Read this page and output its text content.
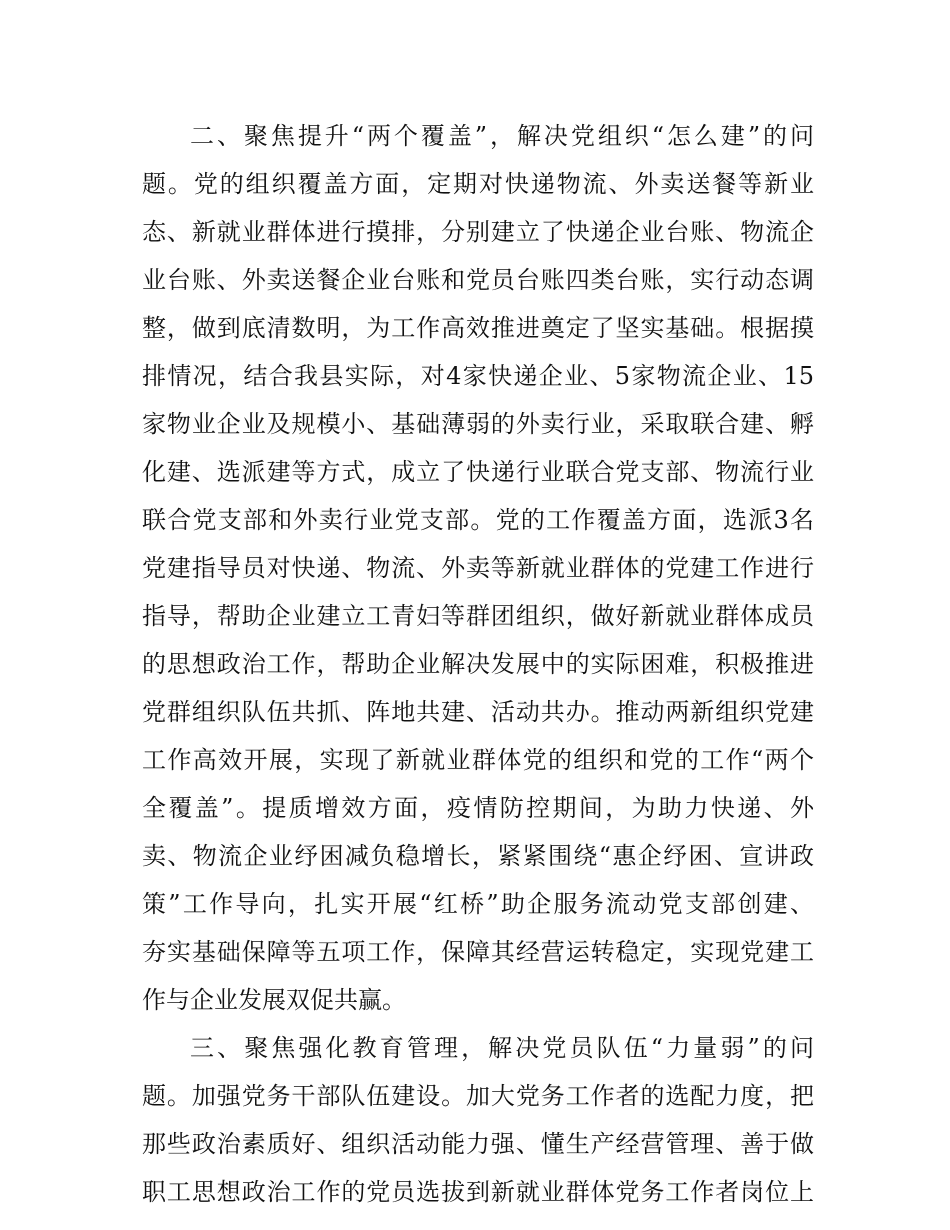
二、聚焦提升“两个覆盖”，解决党组织“怎么建”的问
题。党的组织覆盖方面，定期对快递物流、外卖送餐等新业
态、新就业群体进行摸排，分别建立了快递企业台账、物流企
业台账、外卖送餐企业台账和党员台账四类台账，实行动态调
整，做到底清数明，为工作高效推进奠定了坚实基础。根据摸
排情况，结合我县实际，对4家快递企业、5家物流企业、15
家物业企业及规模小、基础薄弱的外卖行业，采取联合建、孵
化建、选派建等方式，成立了快递行业联合党支部、物流行业
联合党支部和外卖行业党支部。党的工作覆盖方面，选派3名
党建指导员对快递、物流、外卖等新就业群体的党建工作进行
指导，帮助企业建立工青妇等群团组织，做好新就业群体成员
的思想政治工作，帮助企业解决发展中的实际困难，积极推进
党群组织队伍共抓、阵地共建、活动共办。推动两新组织党建
工作高效开展，实现了新就业群体党的组织和党的工作“两个
全覆盖”。提质增效方面，疫情防控期间，为助力快递、外
卖、物流企业纾困减负稳增长，紧紧围绕“惠企纾困、宣讲政
策”工作导向，扎实开展“红桥”助企服务流动党支部创建、
夯实基础保障等五项工作，保障其经营运转稳定，实现党建工
作与企业发展双促共赢。
三、聚焦强化教育管理，解决党员队伍“力量弱”的问
题。加强党务干部队伍建设。加大党务工作者的选配力度，把
那些政治素质好、组织活动能力强、懂生产经营管理、善于做
职工思想政治工作的党员选拔到新就业群体党务工作者岗位上
